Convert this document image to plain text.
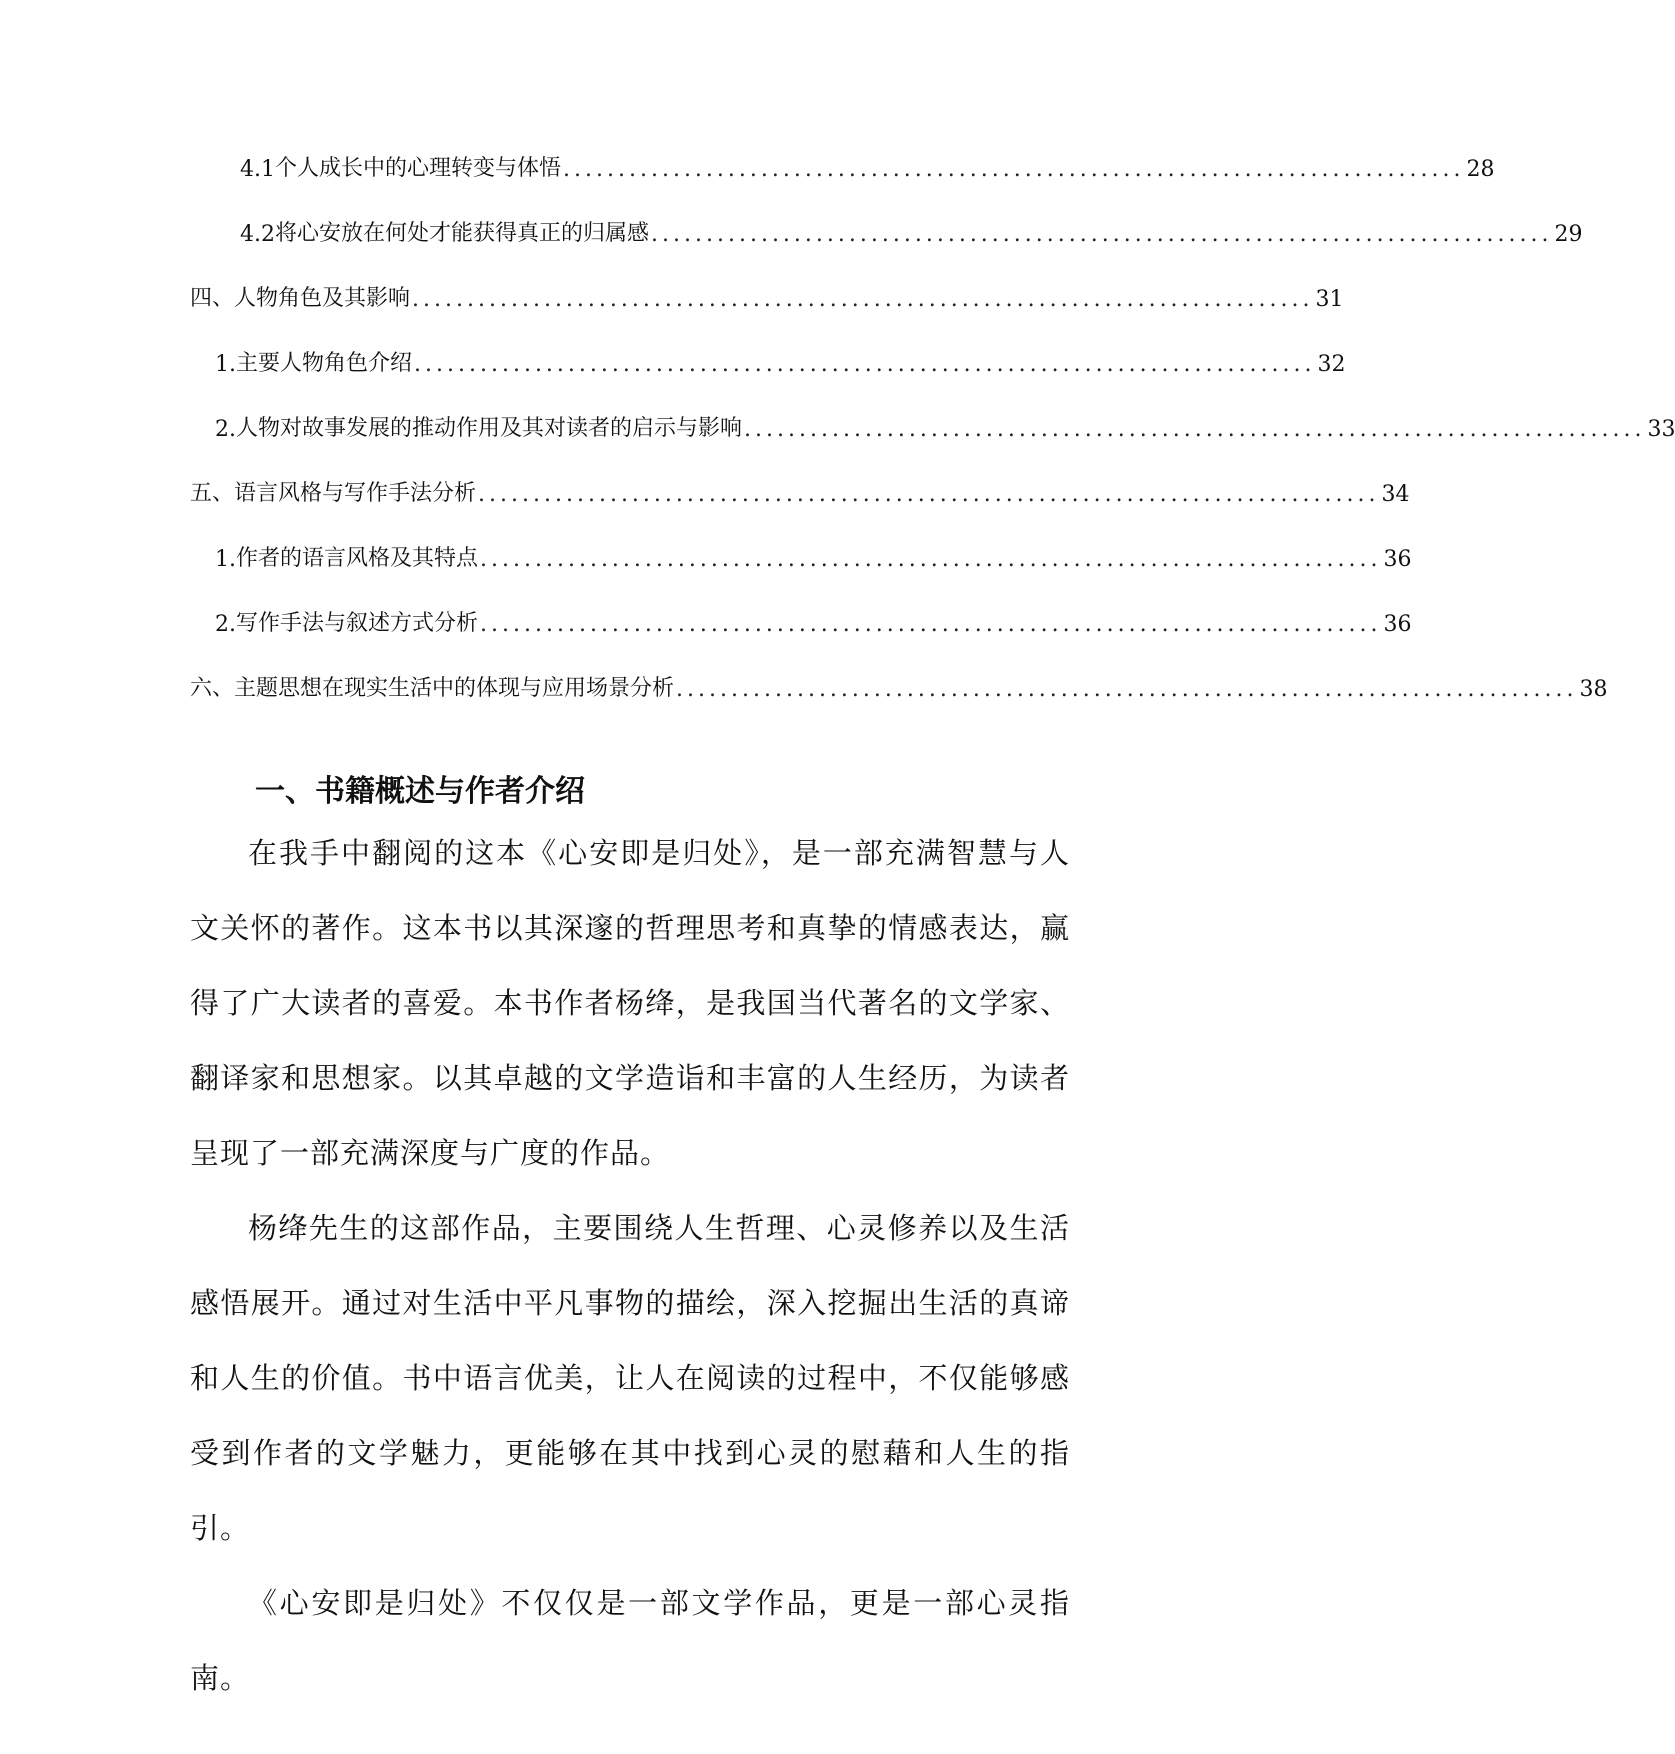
4.1 个人成长中的心理转变与体悟 .................................................................................. 28
4.2 将心安放在何处才能获得真正的归属感 .................................................................................. 29
四、 人物角色及其影响 .................................................................................. 31
1. 主要人物角色介绍 .................................................................................. 32
2. 人物对故事发展的推动作用及其对读者的启示与影响 .................................................................................. 33
五、 语言风格与写作手法分析 .................................................................................. 34
1. 作者的语言风格及其特点 .................................................................................. 36
2. 写作手法与叙述方式分析 .................................................................................. 36
六、 主题思想在现实生活中的体现与应用场景分析 .................................................................................. 38
一、书籍概述与作者介绍

在我手中翻阅的这本《心安即是归处》，是一部充满智慧与人文关怀的著作。这本书以其深邃的哲理思考和真挚的情感表达，赢得了广大读者的喜爱。本书作者杨绛，是我国当代著名的文学家、翻译家和思想家。以其卓越的文学造诣和丰富的人生经历，为读者呈现了一部充满深度与广度的作品。

杨绛先生的这部作品，主要围绕人生哲理、心灵修养以及生活感悟展开。通过对生活中平凡事物的描绘，深入挖掘出生活的真谛和人生的价值。书中语言优美，让人在阅读的过程中，不仅能够感受到作者的文学魅力，更能够在其中找到心灵的慰藉和人生的指引。

《心安即是归处》不仅仅是一部文学作品，更是一部心灵指南。
